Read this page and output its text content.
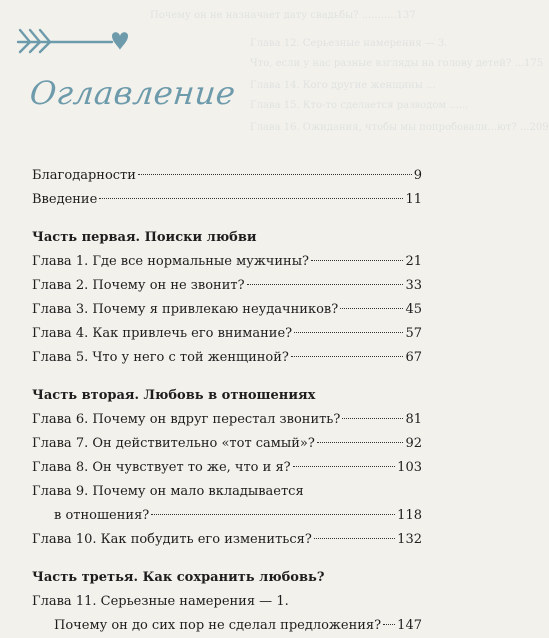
Почему он не назначает дату свадьбы? ...........137
Глава 12. Серьезные намерения — 3.
Что, если у нас разные взгляды на голову детей? ...175
Глава 14. Кого другие женщины ...
Глава 15. Кто-то сделается разводом ......
Глава 16. Ожидания, чтобы мы попробовали...ют? ...209
Оглавление
Благодарности	9
Введение	11
Часть первая. Поиски любви
Глава 1. Где все нормальные мужчины?	21
Глава 2. Почему он не звонит?	33
Глава 3. Почему я привлекаю неудачников?	45
Глава 4. Как привлечь его внимание?	57
Глава 5. Что у него с той женщиной?	67
Часть вторая. Любовь в отношениях
Глава 6. Почему он вдруг перестал звонить?	81
Глава 7. Он действительно «тот самый»?	92
Глава 8. Он чувствует то же, что и я?	103
Глава 9. Почему он мало вкладывается
в отношения?	118
Глава 10. Как побудить его измениться?	132
Часть третья. Как сохранить любовь?
Глава 11. Серьезные намерения — 1.
Почему он до сих пор не сделал предложения? 147
